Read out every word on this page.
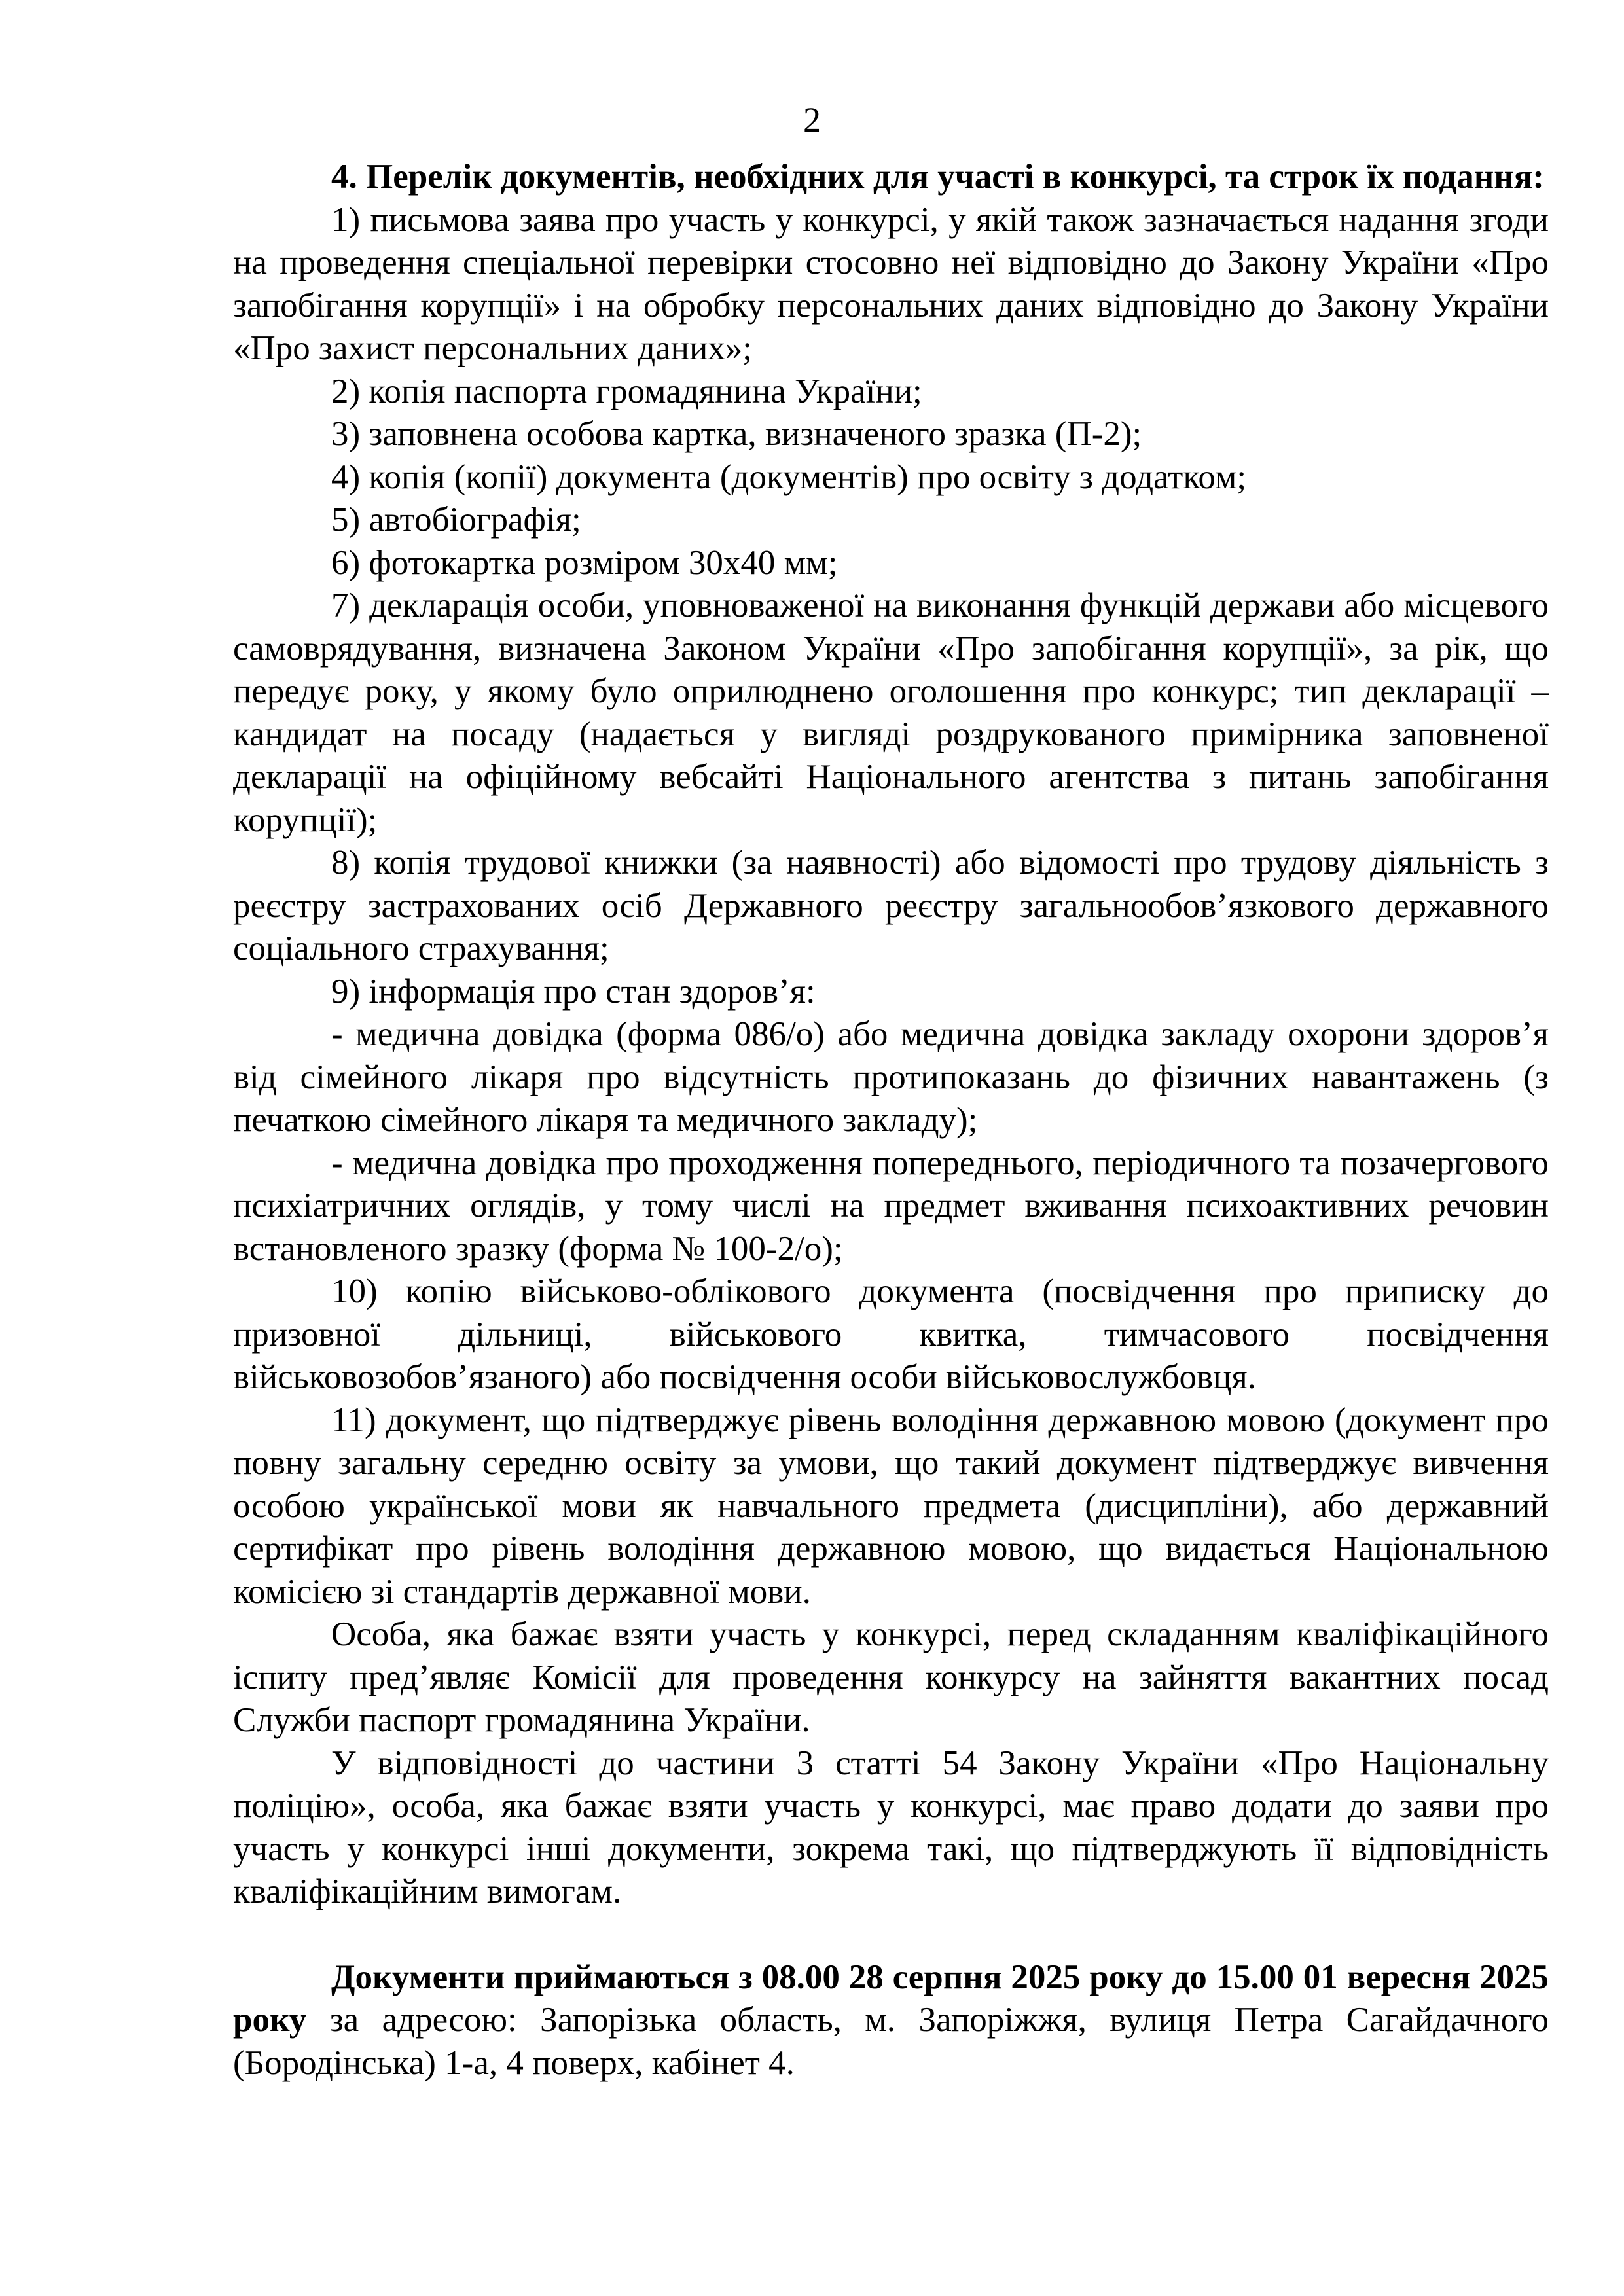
2

4. Перелік документів, необхідних для участі в конкурсі, та строк їх подання:

1) письмова заява про участь у конкурсі, у якій також зазначається надання згоди на проведення спеціальної перевірки стосовно неї відповідно до Закону України «Про запобігання корупції» і на обробку персональних даних відповідно до Закону України «Про захист персональних даних»;

2) копія паспорта громадянина України;

3) заповнена особова картка, визначеного зразка (П-2);

4) копія (копії) документа (документів) про освіту з додатком;

5) автобіографія;

6) фотокартка розміром 30х40 мм;

7) декларація особи, уповноваженої на виконання функцій держави або місцевого самоврядування, визначена Законом України «Про запобігання корупції», за рік, що передує року, у якому було оприлюднено оголошення про конкурс; тип декларації – кандидат на посаду (надається у вигляді роздрукованого примірника заповненої декларації на офіційному вебсайті Національного агентства з питань запобігання корупції);

8) копія трудової книжки (за наявності) або відомості про трудову діяльність з реєстру застрахованих осіб Державного реєстру загальнообов’язкового державного соціального страхування;

9) інформація про стан здоров’я:

- медична довідка (форма 086/о) або медична довідка закладу охорони здоров’я від сімейного лікаря про відсутність протипоказань до фізичних навантажень (з печаткою сімейного лікаря та медичного закладу);

- медична довідка про проходження попереднього, періодичного та позачергового психіатричних оглядів, у тому числі на предмет вживання психоактивних речовин встановленого зразку (форма № 100-2/о);

10) копію військово-облікового документа (посвідчення про приписку до призовної дільниці, військового квитка, тимчасового посвідчення військовозобов’язаного) або посвідчення особи військовослужбовця.

11) документ, що підтверджує рівень володіння державною мовою (документ про повну загальну середню освіту за умови, що такий документ підтверджує вивчення особою української мови як навчального предмета (дисципліни), або державний сертифікат про рівень володіння державною мовою, що видається Національною комісією зі стандартів державної мови.

Особа, яка бажає взяти участь у конкурсі, перед складанням кваліфікаційного іспиту пред’являє Комісії для проведення конкурсу на зайняття вакантних посад Служби паспорт громадянина України.

У відповідності до частини 3 статті 54 Закону України «Про Національну поліцію», особа, яка бажає взяти участь у конкурсі, має право додати до заяви про участь у конкурсі інші документи, зокрема такі, що підтверджують її відповідність кваліфікаційним вимогам.

Документи приймаються з 08.00 28 серпня 2025 року до 15.00 01 вересня 2025 року за адресою: Запорізька область, м. Запоріжжя, вулиця Петра Сагайдачного (Бородінська) 1-а, 4 поверх, кабінет 4.
